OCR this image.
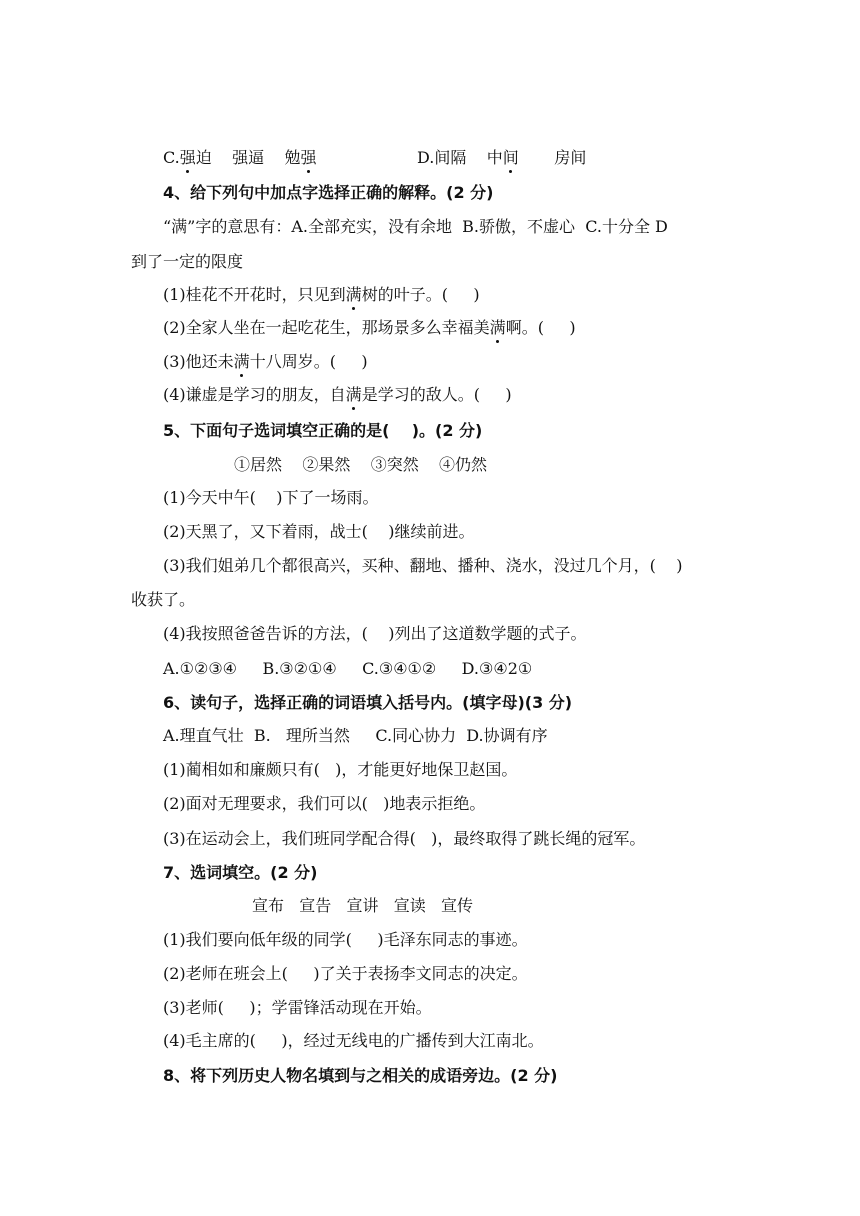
C.强迫    强逼    勉强	D.间隔    中间       房间
4、给下列句中加点字选择正确的解释。(2 分)
“满”字的意思有：A.全部充实，没有余地  B.骄傲，不虚心  C.十分全 D
到了一定的限度
(1)桂花不开花时，只见到满树的叶子。(     )
(2)全家人坐在一起吃花生，那场景多么幸福美满啊。(     )
(3)他还未满十八周岁。(     )
(4)谦虚是学习的朋友，自满是学习的敌人。(     )
5、下面句子选词填空正确的是(    )。(2 分)
①居然    ②果然    ③突然    ④仍然
(1)今天中午(    )下了一场雨。
(2)天黑了，又下着雨，战士(    )继续前进。
(3)我们姐弟几个都很高兴，买种、翻地、播种、浇水，没过几个月，(    )
收获了。
(4)我按照爸爸告诉的方法，(    )列出了这道数学题的式子。
A.①②③④     B.③②①④     C.③④①②     D.③④2①
6、读句子，选择正确的词语填入括号内。(填字母)(3 分)
A.理直气壮  B.   理所当然     C.同心协力  D.协调有序
(1)蔺相如和廉颇只有(   )，才能更好地保卫赵国。
(2)面对无理要求，我们可以(   )地表示拒绝。
(3)在运动会上，我们班同学配合得(   )，最终取得了跳长绳的冠军。
7、选词填空。(2 分)
宣布   宣告   宣讲   宣读   宣传
(1)我们要向低年级的同学(     )毛泽东同志的事迹。
(2)老师在班会上(     )了关于表扬李文同志的决定。
(3)老师(     )；学雷锋活动现在开始。
(4)毛主席的(     )，经过无线电的广播传到大江南北。
8、将下列历史人物名填到与之相关的成语旁边。(2 分)
